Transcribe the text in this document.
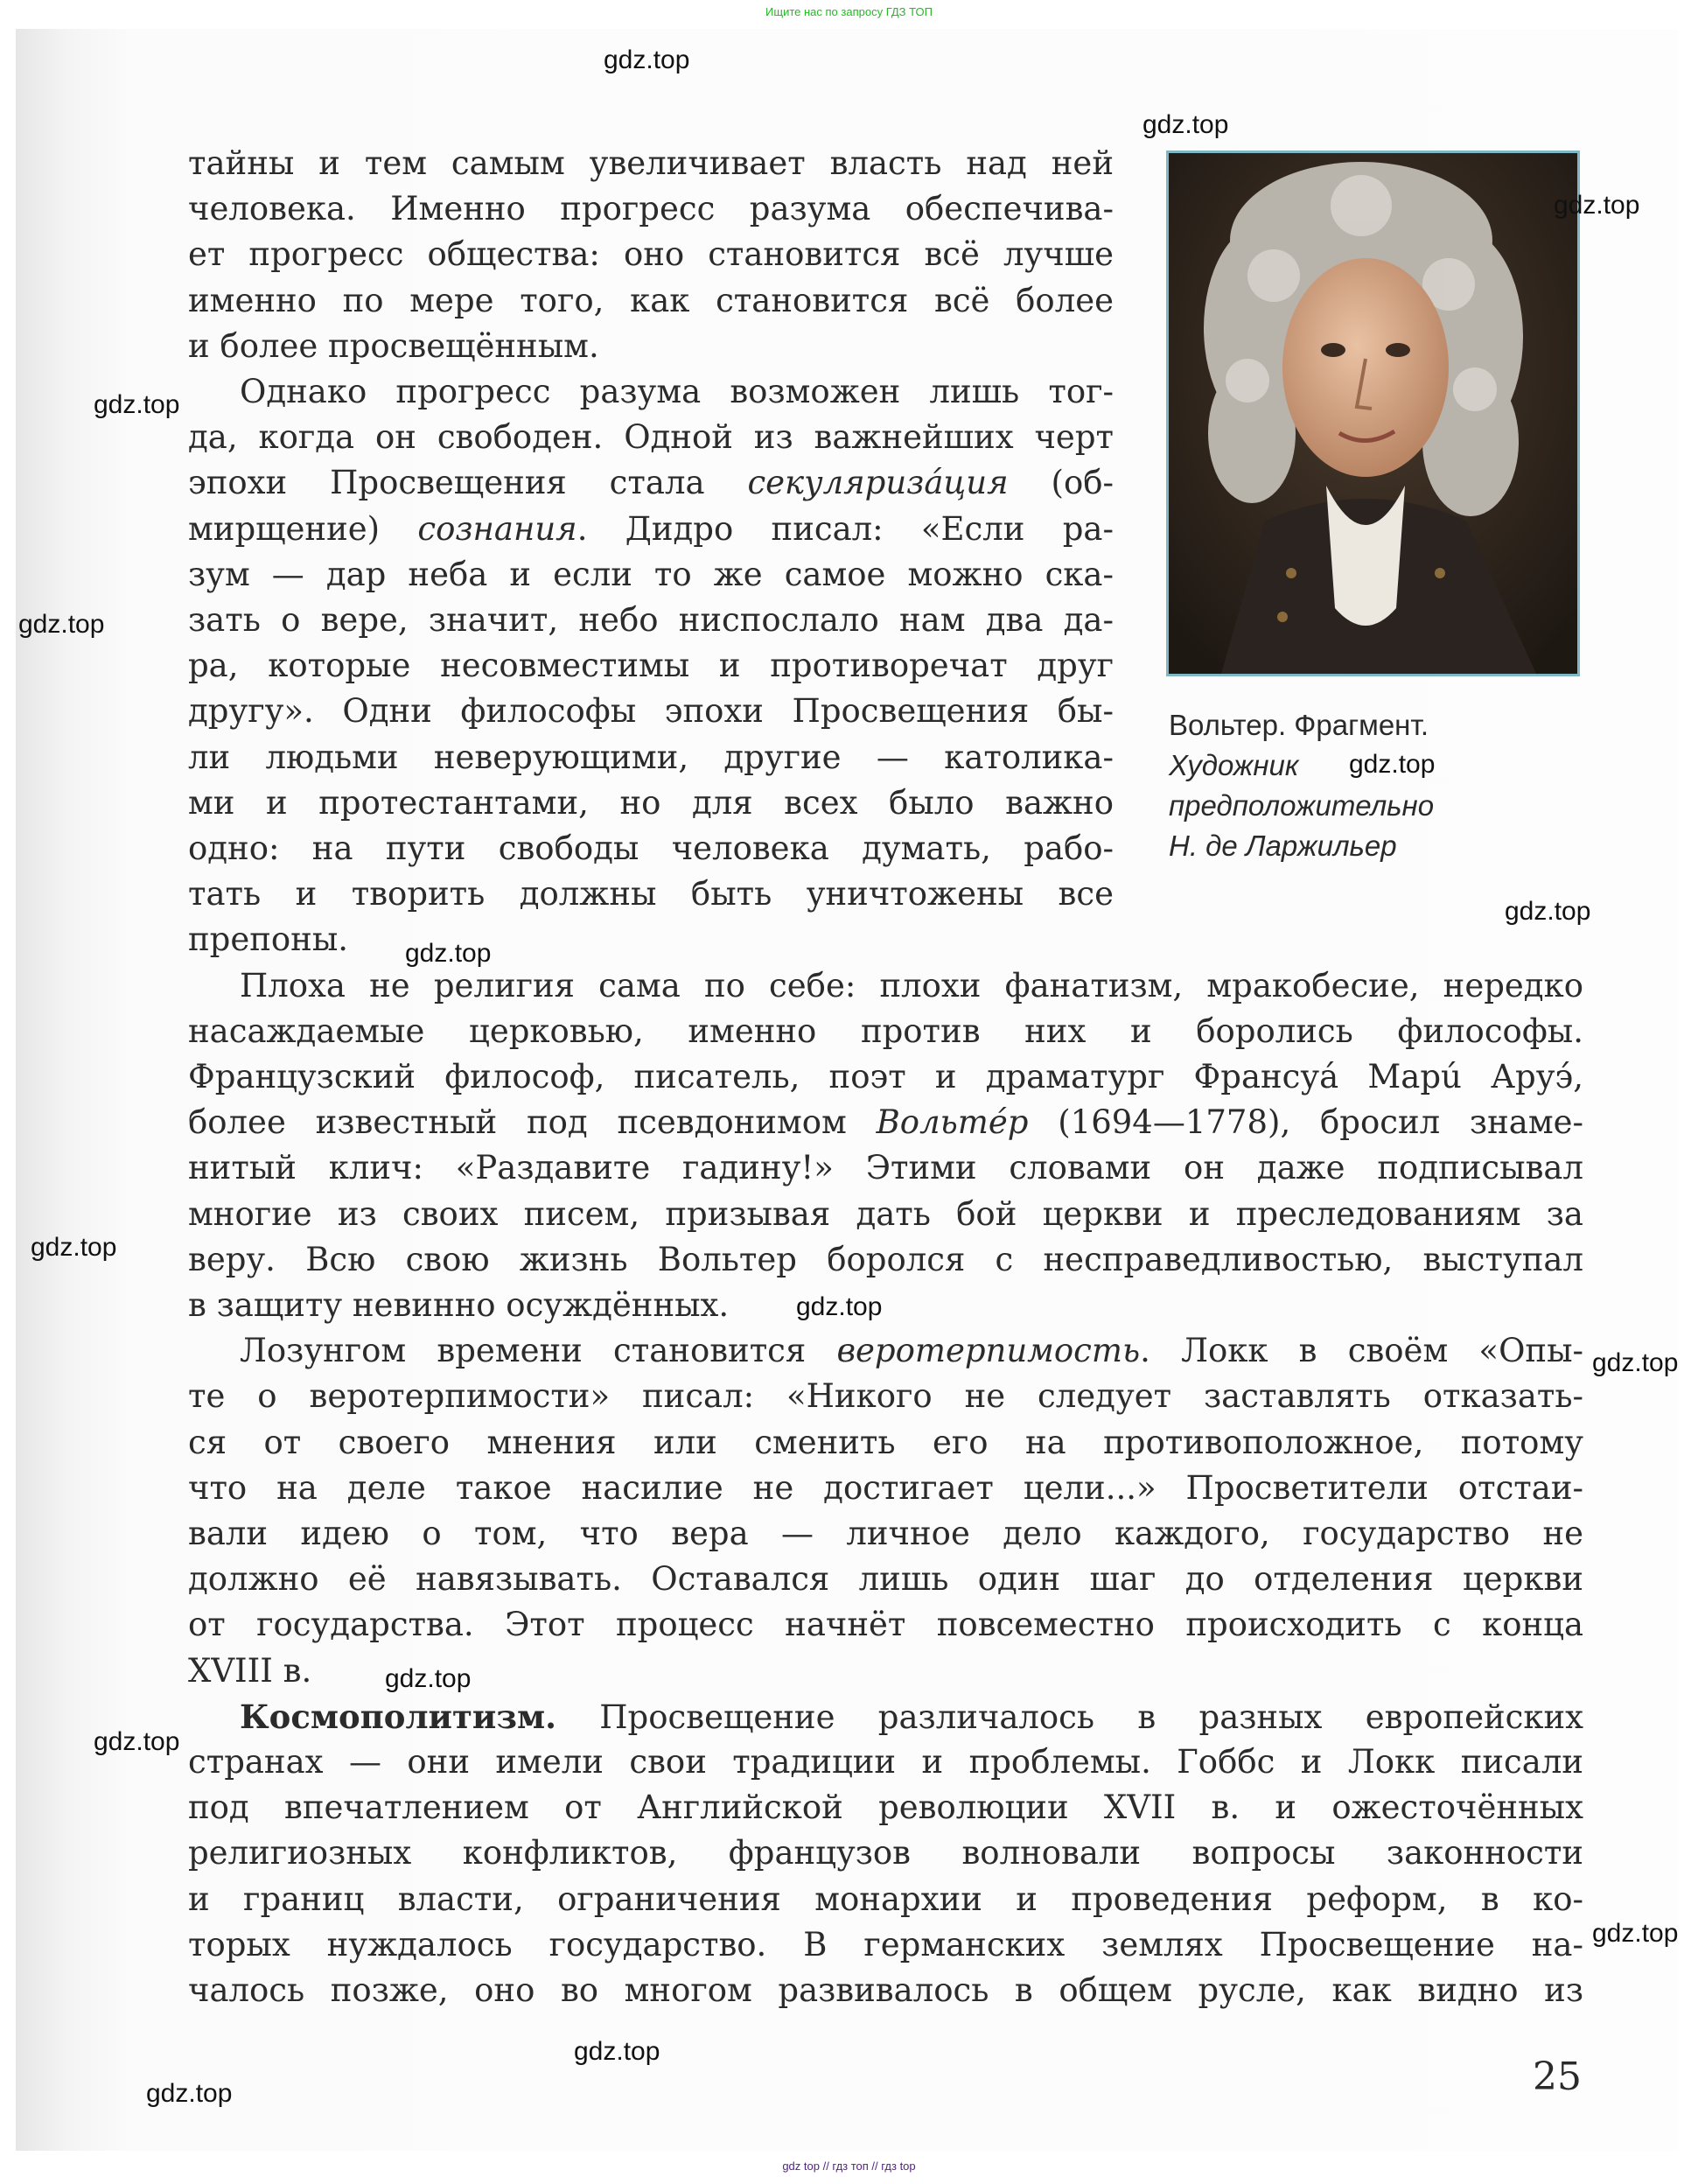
Ищите нас по запросу ГДЗ ТОП
Вольтер. Фрагмент.
Художник
предположительно
Н. де Ларжильер
тайны и тем самым увеличивает власть над ней
человека. Именно прогресс разума обеспечива-
ет прогресс общества: оно становится всё лучше
именно по мере того, как становится всё более
и более просвещённым.
Однако прогресс разума возможен лишь тог-
да, когда он свободен. Одной из важнейших черт
эпохи Просвещения стала секуляризáция (об-
мирщение) сознания. Дидро писал: «Если ра-
зум — дар неба и если то же самое можно ска-
зать о вере, значит, небо ниспослало нам два да-
ра, которые несовместимы и противоречат друг
другу». Одни философы эпохи Просвещения бы-
ли людьми неверующими, другие — католика-
ми и протестантами, но для всех было важно
одно: на пути свободы человека думать, рабо-
тать и творить должны быть уничтожены все
препоны.
Плоха не религия сама по себе: плохи фанатизм, мракобесие, нередко
насаждаемые церковью, именно против них и боролись философы.
Французский философ, писатель, поэт и драматург Франсуá Марú Аруэ́,
более известный под псевдонимом Вольтéр (1694—1778), бросил знаме-
нитый клич: «Раздавите гадину!» Этими словами он даже подписывал
многие из своих писем, призывая дать бой церкви и преследованиям за
веру. Всю свою жизнь Вольтер боролся с несправедливостью, выступал
в защиту невинно осуждённых.
Лозунгом времени становится веротерпимость. Локк в своём «Опы-
те о веротерпимости» писал: «Никого не следует заставлять отказать-
ся от своего мнения или сменить его на противоположное, потому
что на деле такое насилие не достигает цели...» Просветители отстаи-
вали идею о том, что вера — личное дело каждого, государство не
должно её навязывать. Оставался лишь один шаг до отделения церкви
от государства. Этот процесс начнёт повсеместно происходить с конца
XVIII в.
Космополитизм. Просвещение различалось в разных европейских
странах — они имели свои традиции и проблемы. Гоббс и Локк писали
под впечатлением от Английской революции XVII в. и ожесточённых
религиозных конфликтов, французов волновали вопросы законности
и границ власти, ограничения монархии и проведения реформ, в ко-
торых нуждалось государство. В германских землях Просвещение на-
чалось позже, оно во многом развивалось в общем русле, как видно из
25
gdz.top
gdz.top
gdz.top
gdz.top
gdz.top
gdz.top
gdz.top
gdz.top
gdz.top
gdz.top
gdz.top
gdz.top
gdz.top
gdz.top
gdz.top
gdz.top
gdz top // гдз топ // гдз top
